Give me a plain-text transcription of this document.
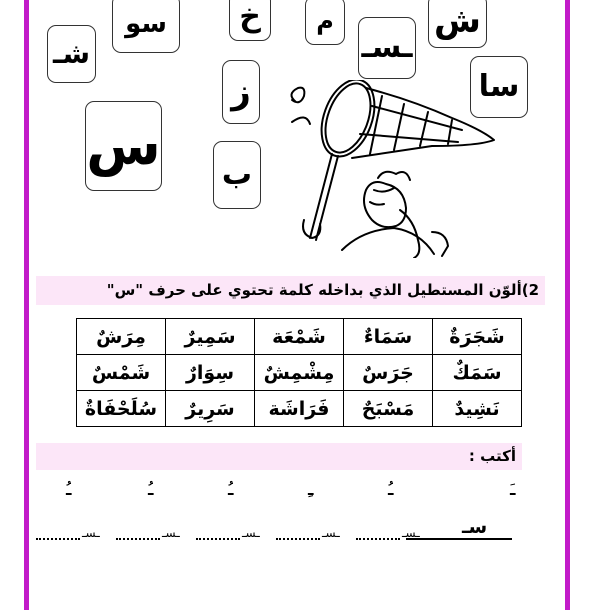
سو	خ	م	ش
شـ	ـسـ
سا
ز
س ب
2)ألوّن المستطيل الذي بداخله كلمة تحتوي على حرف "س"
شَجَرَةٌ	سَمَاءٌ	شَمْعَة	سَمِيرٌ	مِرَشٌ
سَمَكٌ	جَرَسٌ	مِشْمِشٌ	سِوَارٌ	شَمْسٌ
نَشِيدٌ	مَسْبَحٌ	فَرَاشَة	سَرِيرٌ	سُلَحْفَاةٌ
أكتب :
ـَ
ـُ
ـِ
ـُ
ـُ
ـُ
ـسـ	ـسـ	ـسـ	ـسـ	ـسـ سـ
